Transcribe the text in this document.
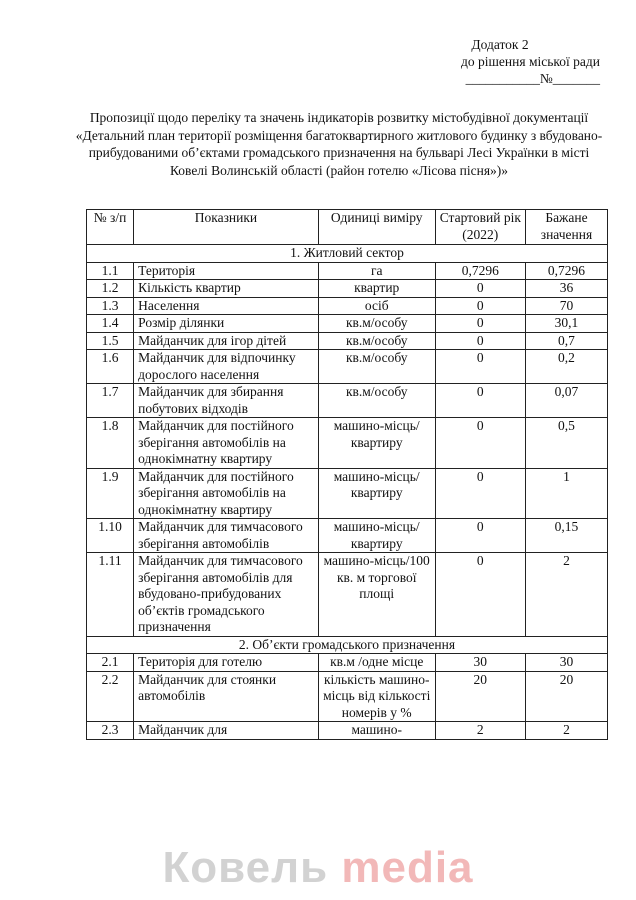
Додаток 2
до рішення міської ради
___________№_______
Пропозиції щодо переліку та значень індикаторів розвитку містобудівної документації «Детальний план території розміщення багатоквартирного житлового будинку з вбудовано-прибудованими об’єктами громадського призначення на бульварі Лесі Українки в місті Ковелі Волинській області (район готелю «Лісова пісня»)»
№ з/п	Показники	Одиниці виміру	Стартовий рік (2022)	Бажане значення
1. Житловий сектор				
1.1	Територія	га	0,7296	0,7296
1.2	Кількість квартир	квартир	0	36
1.3	Населення	осіб	0	70
1.4	Розмір ділянки	кв.м/особу	0	30,1
1.5	Майданчик для ігор дітей	кв.м/особу	0	0,7
1.6	Майданчик для відпочинку дорослого населення	кв.м/особу	0	0,2
1.7	Майданчик для збирання побутових відходів	кв.м/особу	0	0,07
1.8	Майданчик для постійного зберігання автомобілів на однокімнатну квартиру	машино-місць/квартиру	0	0,5
1.9	Майданчик для постійного зберігання автомобілів на однокімнатну квартиру	машино-місць/квартиру	0	1
1.10	Майданчик для тимчасового зберігання автомобілів	машино-місць/квартиру	0	0,15
1.11	Майданчик для тимчасового зберігання автомобілів для вбудовано-прибудованих об’єктів громадського призначення	машино-місць/100 кв. м торгової площі	0	2
2. Об’єкти громадського призначення				
2.1	Територія для готелю	кв.м /одне місце	30	30
2.2	Майданчик для стоянки автомобілів	кількість машино-місць від кількості номерів у %	20	20
2.3	Майданчик для	машино-	2	2
Ковель media
